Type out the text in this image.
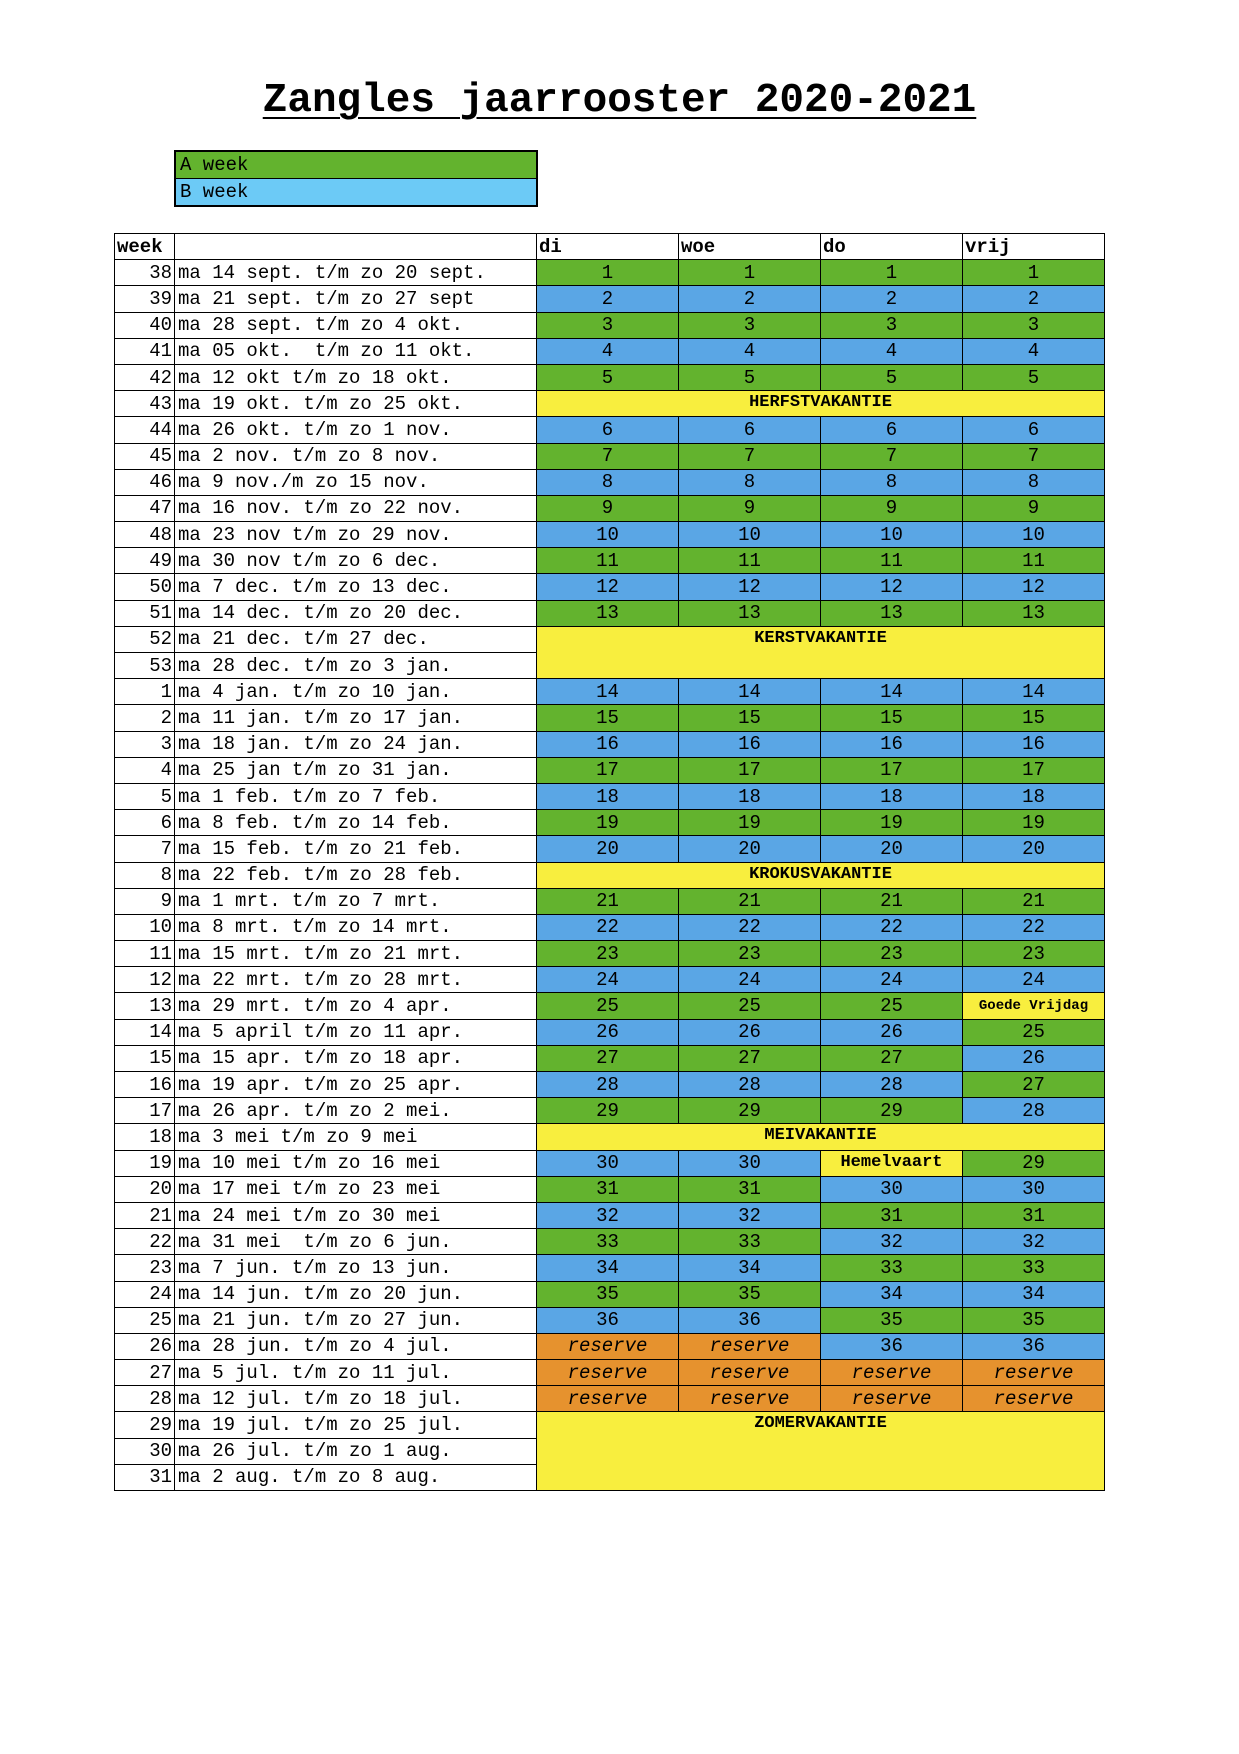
Zangles jaarrooster 2020-2021
A week
B week
week		di	woe	do	vrij
38	ma 14 sept. t/m zo 20 sept.	1	1	1	1
39	ma 21 sept. t/m zo 27 sept	2	2	2	2
40	ma 28 sept. t/m zo 4 okt.	3	3	3	3
41	ma 05 okt.  t/m zo 11 okt.	4	4	4	4
42	ma 12 okt t/m zo 18 okt.	5	5	5	5
43	ma 19 okt. t/m zo 25 okt.	HERFSTVAKANTIE			
44	ma 26 okt. t/m zo 1 nov.	6	6	6	6
45	ma 2 nov. t/m zo 8 nov.	7	7	7	7
46	ma 9 nov./m zo 15 nov.	8	8	8	8
47	ma 16 nov. t/m zo 22 nov.	9	9	9	9
48	ma 23 nov t/m zo 29 nov.	10	10	10	10
49	ma 30 nov t/m zo 6 dec.	11	11	11	11
50	ma 7 dec. t/m zo 13 dec.	12	12	12	12
51	ma 14 dec. t/m zo 20 dec.	13	13	13	13
52	ma 21 dec. t/m 27 dec.	KERSTVAKANTIE			
53	ma 28 dec. t/m zo 3 jan.				
1	ma 4 jan. t/m zo 10 jan.	14	14	14	14
2	ma 11 jan. t/m zo 17 jan.	15	15	15	15
3	ma 18 jan. t/m zo 24 jan.	16	16	16	16
4	ma 25 jan t/m zo 31 jan.	17	17	17	17
5	ma 1 feb. t/m zo 7 feb.	18	18	18	18
6	ma 8 feb. t/m zo 14 feb.	19	19	19	19
7	ma 15 feb. t/m zo 21 feb.	20	20	20	20
8	ma 22 feb. t/m zo 28 feb.	KROKUSVAKANTIE			
9	ma 1 mrt. t/m zo 7 mrt.	21	21	21	21
10	ma 8 mrt. t/m zo 14 mrt.	22	22	22	22
11	ma 15 mrt. t/m zo 21 mrt.	23	23	23	23
12	ma 22 mrt. t/m zo 28 mrt.	24	24	24	24
13	ma 29 mrt. t/m zo 4 apr.	25	25	25	Goede Vrijdag
14	ma 5 april t/m zo 11 apr.	26	26	26	25
15	ma 15 apr. t/m zo 18 apr.	27	27	27	26
16	ma 19 apr. t/m zo 25 apr.	28	28	28	27
17	ma 26 apr. t/m zo 2 mei.	29	29	29	28
18	ma 3 mei t/m zo 9 mei	MEIVAKANTIE			
19	ma 10 mei t/m zo 16 mei	30	30	Hemelvaart	29
20	ma 17 mei t/m zo 23 mei	31	31	30	30
21	ma 24 mei t/m zo 30 mei	32	32	31	31
22	ma 31 mei  t/m zo 6 jun.	33	33	32	32
23	ma 7 jun. t/m zo 13 jun.	34	34	33	33
24	ma 14 jun. t/m zo 20 jun.	35	35	34	34
25	ma 21 jun. t/m zo 27 jun.	36	36	35	35
26	ma 28 jun. t/m zo 4 jul.	reserve	reserve	36	36
27	ma 5 jul. t/m zo 11 jul.	reserve	reserve	reserve	reserve
28	ma 12 jul. t/m zo 18 jul.	reserve	reserve	reserve	reserve
29	ma 19 jul. t/m zo 25 jul.	ZOMERVAKANTIE			
30	ma 26 jul. t/m zo 1 aug.				
31	ma 2 aug. t/m zo 8 aug.				
